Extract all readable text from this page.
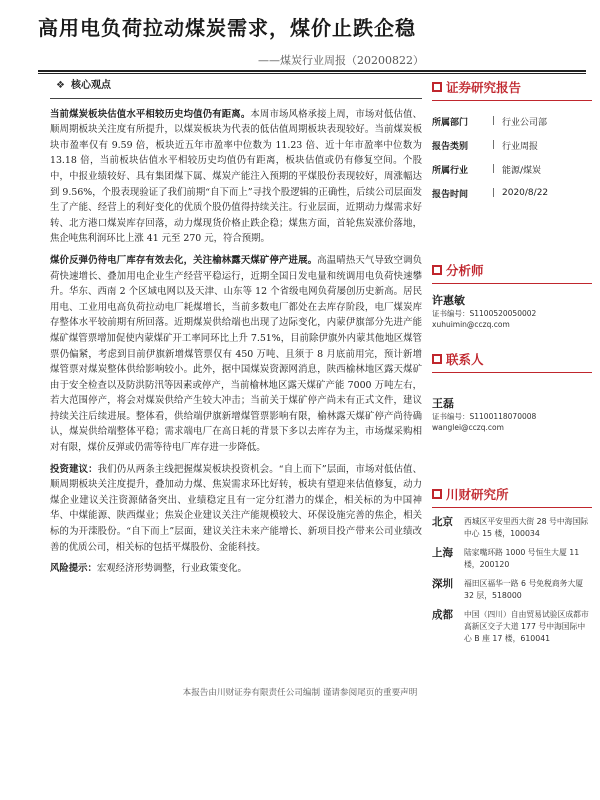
高用电负荷拉动煤炭需求，煤价止跌企稳
——煤炭行业周报（20200822）
❖ 核心观点

当前煤炭板块估值水平相较历史均值仍有距离。本周市场风格承接上周，市场对低估值、顺周期板块关注度有所提升，以煤炭板块为代表的低估值周期板块表现较好。当前煤炭板块市盈率仅有 9.59 倍，板块近五年市盈率中位数为 11.23 倍、近十年市盈率中位数为 13.18 倍，当前板块估值水平相较历史均值仍有距离，板块估值或仍有修复空间。个股中，中报业绩较好、具有集团煤下属、煤炭产能注入预期的平煤股份表现较好，周涨幅达到 9.56%，个股表现验证了我们前期“自下而上”寻找个股逻辑的正确性，后续公司层面发生了产能、经营上的利好变化的优质个股仍值得持续关注。行业层面，近期动力煤需求好转、北方港口煤炭库存回落，动力煤现货价格止跌企稳；煤焦方面，首轮焦炭涨价落地，焦企吨焦利润环比上涨 41 元至 270 元，符合预期。

煤价反弹仍待电厂库存有效去化，关注榆林露天煤矿停产进展。高温晴热天气导致空调负荷快速增长、叠加用电企业生产经营平稳运行，近期全国日发电量和统调用电负荷快速攀升。华东、西南 2 个区域电网以及天津、山东等 12 个省级电网负荷屡创历史新高。居民用电、工业用电高负荷拉动电厂耗煤增长，当前多数电厂都处在去库存阶段，电厂煤炭库存整体水平较前期有所回落。近期煤炭供给端也出现了边际变化，内蒙伊旗部分先进产能煤矿煤管票增加促使内蒙煤矿开工率同环比上升 7.51%，目前除伊旗外内蒙其他地区煤管票仍偏紧，考虑到目前伊旗新增煤管票仅有 450 万吨、且须于 8 月底前用完，预计新增煤管票对煤炭整体供给影响较小。此外，据中国煤炭资源网消息，陕西榆林地区露天煤矿由于安全检查以及防洪防汛等因素或停产，当前榆林地区露天煤矿产能 7000 万吨左右，若大范围停产，将会对煤炭供给产生较大冲击；当前关于煤矿停产尚未有正式文件，建议持续关注后续进展。整体看，供给端伊旗新增煤管票影响有限，榆林露天煤矿停产尚待确认，煤炭供给端整体平稳；需求端电厂在高日耗的背景下多以去库存为主，市场煤采购相对有限，煤价反弹或仍需等待电厂库存进一步降低。

投资建议：我们仍从两条主线把握煤炭板块投资机会。“自上而下”层面，市场对低估值、顺周期板块关注度提升，叠加动力煤、焦炭需求环比好转，板块有望迎来估值修复，动力煤企业建议关注资源储备突出、业绩稳定且有一定分红潜力的煤企，相关标的为中国神华、中煤能源、陕西煤业；焦炭企业建议关注产能规模较大、环保设施完善的焦企，相关标的为开滦股份。“自下而上”层面，建议关注未来产能增长、新项目投产带来公司业绩改善的优质公司，相关标的包括平煤股份、金能科技。

风险提示：宏观经济形势调整，行业政策变化。

证券研究报告
所属部门	| 行业公司部
报告类别	| 行业周报
所属行业	| 能源/煤炭
报告时间	| 2020/8/22
分析师
许惠敏
证书编号：S1100520050002
xuhuimin@cczq.com
联系人
王磊
证书编号：S1100118070008
wanglei@cczq.com
川财研究所
北京	西城区平安里西大街 28 号中海国际中心 15 楼，100034
上海	陆家嘴环路 1000 号恒生大厦 11 楼，200120
深圳	福田区福华一路 6 号免税商务大厦 32 层，518000
成都	中国（四川）自由贸易试验区成都市高新区交子大道 177 号中海国际中心 B 座 17 楼，610041
本报告由川财证券有限责任公司编制 谨请参阅尾页的重要声明
